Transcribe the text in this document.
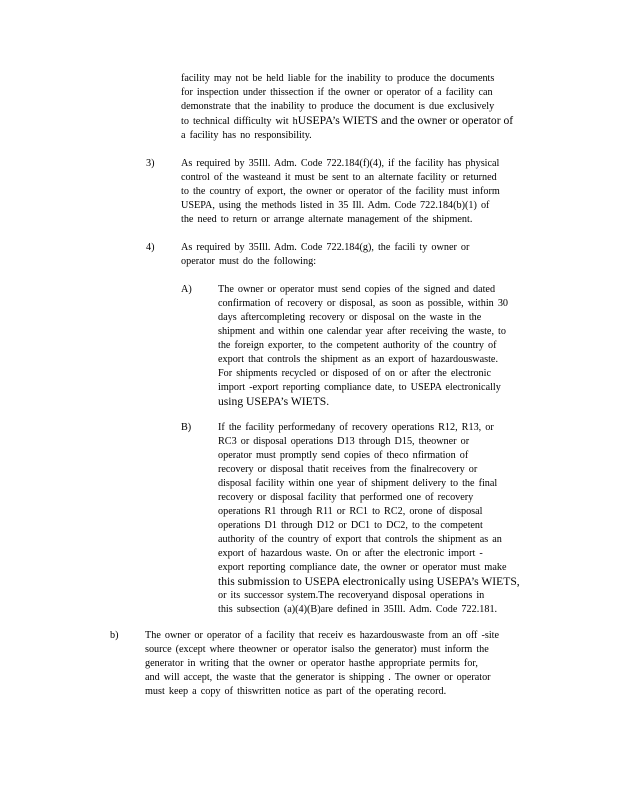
facility may not be held liable for the inability to produce the documents
for inspection under thissection if the owner or operator of a facility can
demonstrate that the inability to produce the document is due exclusively
to technical difficulty wit hUSEPA’s WIETS and the owner or operator of
a facility has no responsibility.
3)	As required by 35Ill. Adm. Code 722.184(f)(4), if the facility has physical
control of the wasteand it must be sent to an alternate facility or returned
to the country of export, the owner or operator of the facility must inform
USEPA, using the methods listed in 35 Ill. Adm. Code 722.184(b)(1) of
the need to return or arrange alternate management of the shipment.
4)	As required by 35Ill. Adm. Code 722.184(g), the facili ty owner or
operator must do the following:
A)	The owner or operator must send copies of the signed and dated
confirmation of recovery or disposal, as soon as possible, within 30
days aftercompleting recovery or disposal on the waste in the
shipment and within one calendar year after receiving the waste, to
the foreign exporter, to the competent authority of the country of
export that controls the shipment as an export of hazardouswaste.
For shipments recycled or disposed of on or after the electronic
import -export reporting compliance date, to USEPA electronically
using USEPA’s WIETS.
B)	If the facility performedany of recovery operations R12, R13, or
RC3 or disposal operations D13 through D15, theowner or
operator must promptly send copies of theco nfirmation of
recovery or disposal thatit receives from the finalrecovery or
disposal facility within one year of shipment delivery to the final
recovery or disposal facility that performed one of recovery
operations R1 through R11 or RC1 to RC2, orone of disposal
operations D1 through D12 or DC1 to DC2, to the competent
authority of the country of export that controls the shipment as an
export of hazardous waste. On or after the electronic import -
export reporting compliance date, the owner or operator must make
this submission to USEPA electronically using USEPA’s WIETS,
or its successor system.The recoveryand disposal operations in
this subsection (a)(4)(B)are defined in 35Ill. Adm. Code 722.181.
b)	The owner or operator of a facility that receiv es hazardouswaste from an off -site
source (except where theowner or operator isalso the generator) must inform the
generator in writing that the owner or operator hasthe appropriate permits for,
and will accept, the waste that the generator is shipping . The owner or operator
must keep a copy of thiswritten notice as part of the operating record.
